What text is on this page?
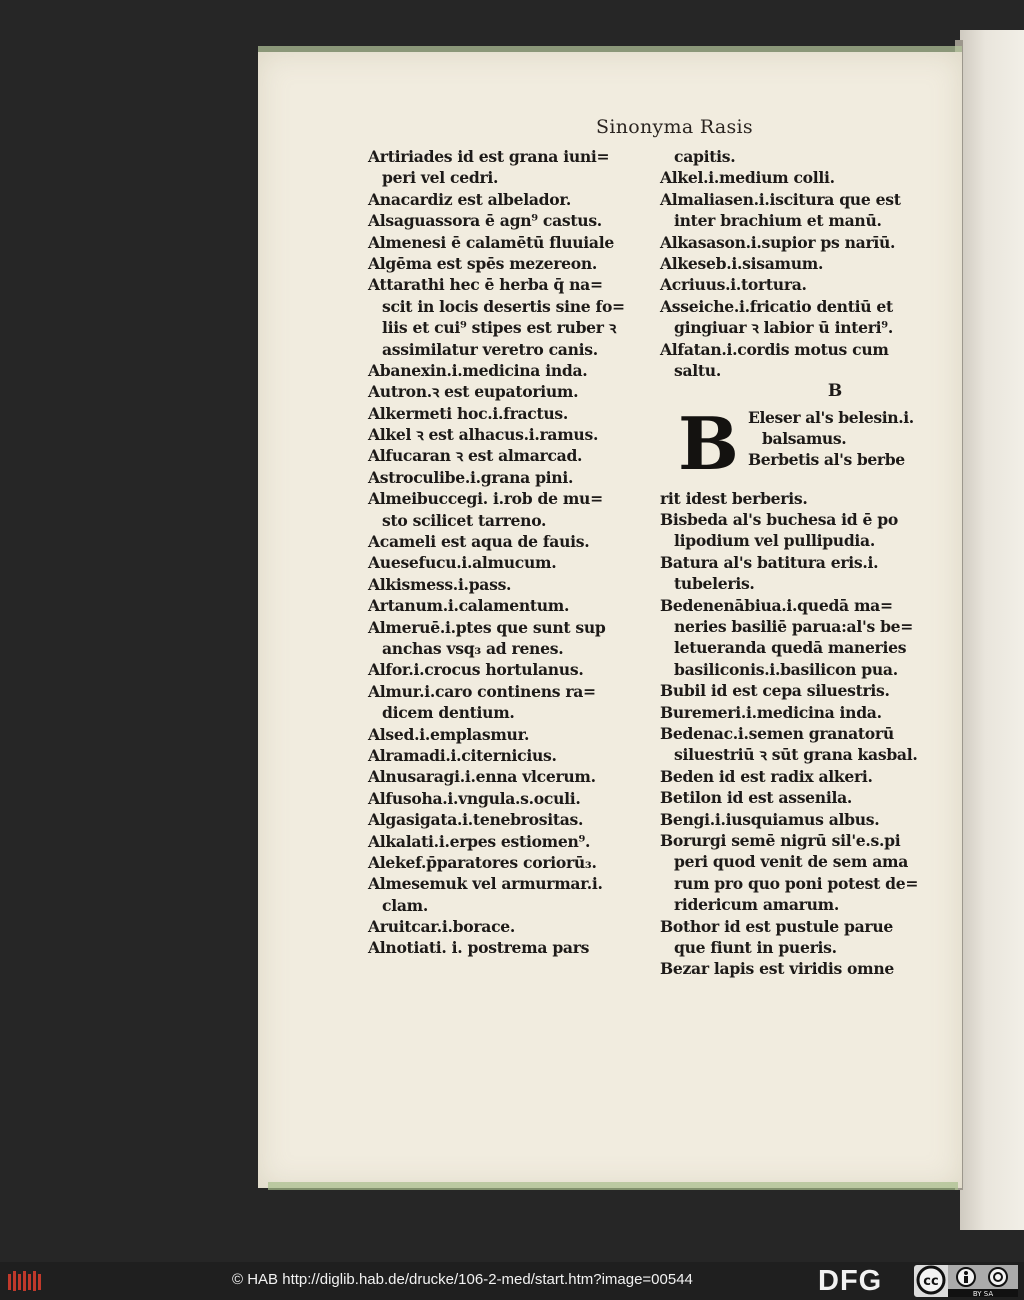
Sinonyma Rasis
Artiriades id est grana iuni=
peri vel cedri.
Anacardiz est albelador.
Alsaguassora ē agn⁹ castus.
Almenesi ē calamētū fluuiale
Algēma est spēs mezereon.
Attarathi hec ē herba q̄ na=
scit in locis desertis sine fo=
liis et cui⁹ stipes est ruber ꝛ
assimilatur veretro canis.
Abanexin.i.medicina inda.
Autron.ꝛ est eupatorium.
Alkermeti hoc.i.fractus.
Alkel ꝛ est alhacus.i.ramus.
Alfucaran ꝛ est almarcad.
Astroculibe.i.grana pini.
Almeibuccegi. i.rob de mu=
sto scilicet tarreno.
Acameli est aqua de fauis.
Auesefucu.i.almucum.
Alkismess.i.pass.
Artanum.i.calamentum.
Almeruē.i.ptes que sunt sup
anchas vsq₃ ad renes.
Alfor.i.crocus hortulanus.
Almur.i.caro continens ra=
dicem dentium.
Alsed.i.emplasmur.
Alramadi.i.citernicius.
Alnusaragi.i.enna vlcerum.
Alfusoha.i.vngula.s.oculi.
Algasigata.i.tenebrositas.
Alkalati.i.erpes estiomen⁹.
Alekef.p̄paratores coriorū₃.
Almesemuk vel armurmar.i.
clam.
Aruitcar.i.borace.
Alnotiati. i. postrema pars
capitis.
Alkel.i.medium colli.
Almaliasen.i.iscitura que est
inter brachium et manū.
Alkasason.i.supior ps narīū.
Alkeseb.i.sisamum.
Acriuus.i.tortura.
Asseiche.i.fricatio dentiū et
gingiuar ꝛ labior ū interi⁹.
Alfatan.i.cordis motus cum
saltu.
B
B Eleser al's belesin.i.
balsamus.
Berbetis al's berbe
rit idest berberis.
Bisbeda al's buchesa id ē po
lipodium vel pullipudia.
Batura al's batitura eris.i.
tubeleris.
Bedenenābiua.i.quedā ma=
neries basiliē parua:al's be=
letueranda quedā maneries
basiliconis.i.basilicon pua.
Bubil id est cepa siluestris.
Buremeri.i.medicina inda.
Bedenac.i.semen granatorū
siluestriū ꝛ sūt grana kasbal.
Beden id est radix alkeri.
Betilon id est assenila.
Bengi.i.iusquiamus albus.
Borurgi semē nigrū sil'e.s.pi
peri quod venit de sem ama
rum pro quo poni potest de=
ridericum amarum.
Bothor id est pustule parue
que fiunt in pueris.
Bezar lapis est viridis omne
© HAB http://diglib.hab.de/drucke/106-2-med/start.htm?image=00544	DFG	cc
BY SA
